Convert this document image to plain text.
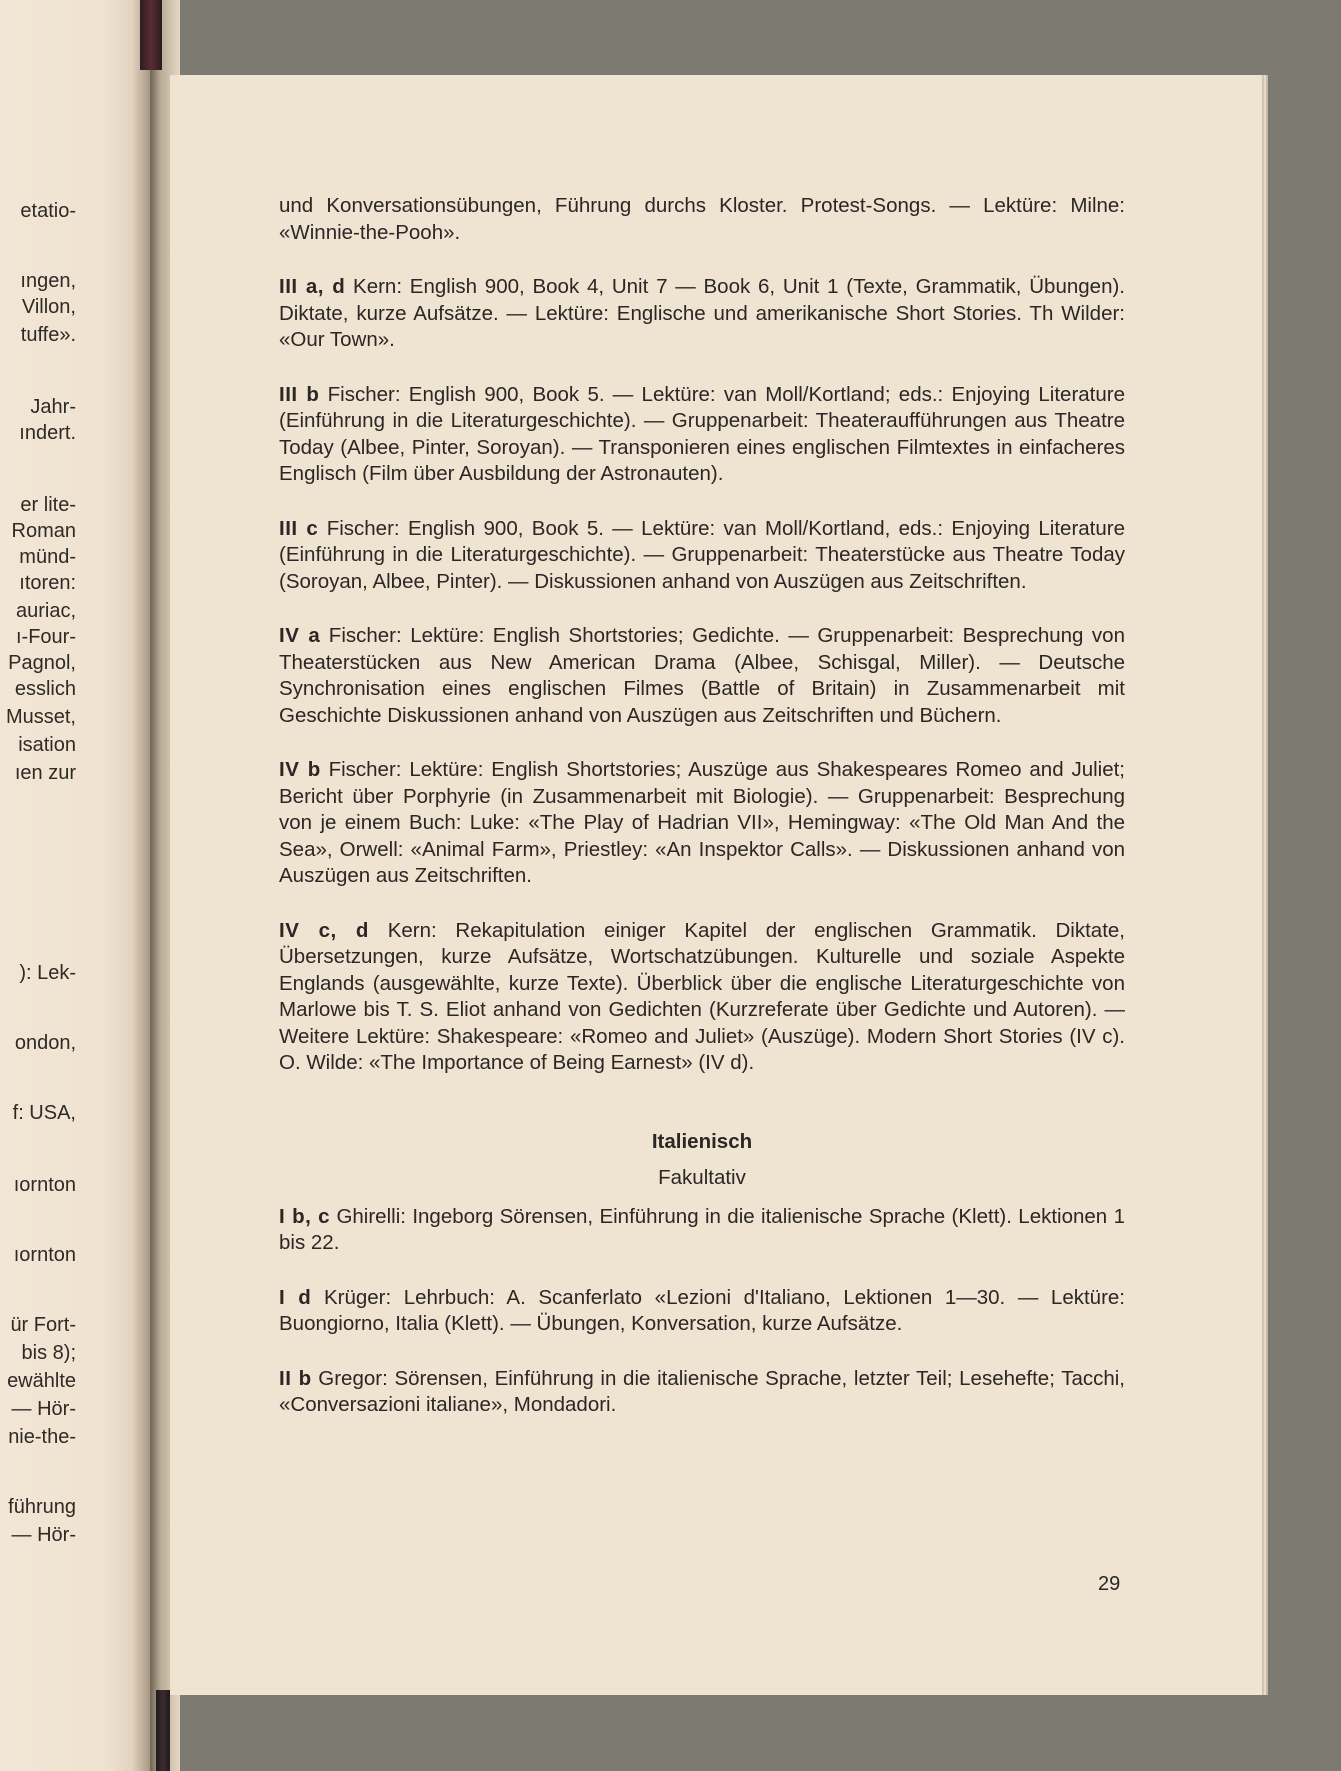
etatio-
ıngen,
Villon,
tuffe».
Jahr-
ındert.
er lite-
Roman
münd-
ıtoren:
auriac,
ı-Four-
Pagnol,
esslich
Musset,
isation
ıen zur
): Lek-
ondon,
f: USA,
ıornton
ıornton
ür Fort-
bis 8);
ewählte
— Hör-
nie-the-
führung
— Hör-

und Konversationsübungen, Führung durchs Kloster. Protest-Songs. — Lektüre: Milne: «Winnie-the-Pooh».

III a, d Kern: English 900, Book 4, Unit 7 — Book 6, Unit 1 (Texte, Grammatik, Übungen). Diktate, kurze Aufsätze. — Lektüre: Englische und amerikanische Short Stories. Th Wilder: «Our Town».

III b Fischer: English 900, Book 5. — Lektüre: van Moll/Kortland; eds.: Enjoying Literature (Einführung in die Literaturgeschichte). — Gruppenarbeit: Theateraufführungen aus Theatre Today (Albee, Pinter, Soroyan). — Transponieren eines englischen Filmtextes in einfacheres Englisch (Film über Ausbildung der Astronauten).

III c Fischer: English 900, Book 5. — Lektüre: van Moll/Kortland, eds.: Enjoying Literature (Einführung in die Literaturgeschichte). — Gruppenarbeit: Theaterstücke aus Theatre Today (Soroyan, Albee, Pinter). — Diskussionen anhand von Auszügen aus Zeitschriften.

IV a Fischer: Lektüre: English Shortstories; Gedichte. — Gruppenarbeit: Besprechung von Theaterstücken aus New American Drama (Albee, Schisgal, Miller). — Deutsche Synchronisation eines englischen Filmes (Battle of Britain) in Zusammenarbeit mit Geschichte Diskussionen anhand von Auszügen aus Zeitschriften und Büchern.

IV b Fischer: Lektüre: English Shortstories; Auszüge aus Shakespeares Romeo and Juliet; Bericht über Porphyrie (in Zusammenarbeit mit Biologie). — Gruppenarbeit: Besprechung von je einem Buch: Luke: «The Play of Hadrian VII», Hemingway: «The Old Man And the Sea», Orwell: «Animal Farm», Priestley: «An Inspektor Calls». — Diskussionen anhand von Auszügen aus Zeitschriften.

IV c, d Kern: Rekapitulation einiger Kapitel der englischen Grammatik. Diktate, Übersetzungen, kurze Aufsätze, Wortschatzübungen. Kulturelle und soziale Aspekte Englands (ausgewählte, kurze Texte). Überblick über die englische Literaturgeschichte von Marlowe bis T. S. Eliot anhand von Gedichten (Kurzreferate über Gedichte und Autoren). — Weitere Lektüre: Shakespeare: «Romeo and Juliet» (Auszüge). Modern Short Stories (IV c). O. Wilde: «The Importance of Being Earnest» (IV d).

Italienisch

Fakultativ

I b, c Ghirelli: Ingeborg Sörensen, Einführung in die italienische Sprache (Klett). Lektionen 1 bis 22.

I d Krüger: Lehrbuch: A. Scanferlato «Lezioni d'Italiano, Lektionen 1—30. — Lektüre: Buongiorno, Italia (Klett). — Übungen, Konversation, kurze Aufsätze.

II b Gregor: Sörensen, Einführung in die italienische Sprache, letzter Teil; Lesehefte; Tacchi, «Conversazioni italiane», Mondadori.

29
